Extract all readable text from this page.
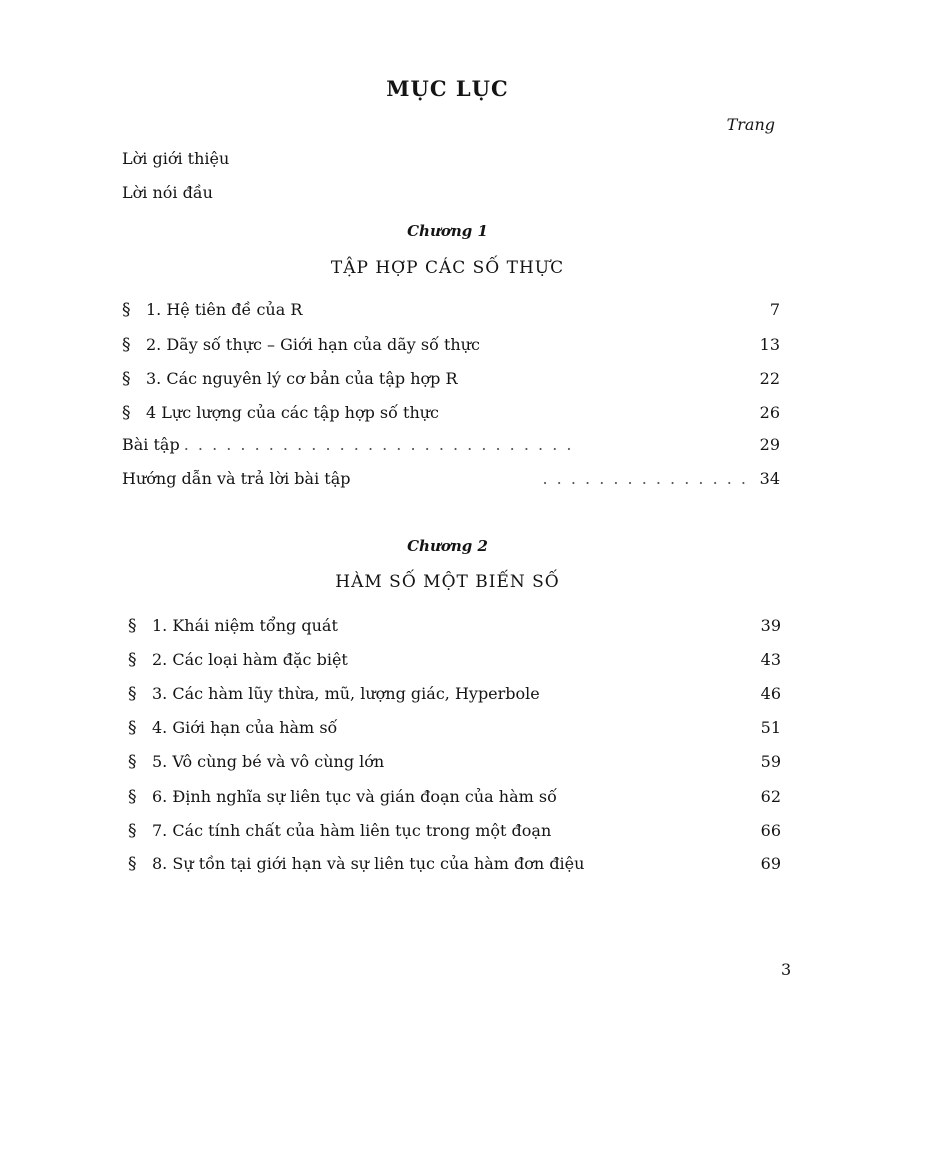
MỤC LỤC
Trang
Lời giới thiệu
Lời nói đầu
Chương 1
TẬP HỢP CÁC SỐ THỰC
§ 1. Hệ tiên đề của R	7
§ 2. Dãy số thực – Giới hạn của dãy số thực	13
§ 3. Các nguyên lý cơ bản của tập hợp R	22
§ 4 Lực lượng của các tập hợp số thực	26
Bài tập . . . . . . . . . . . . . . . . . . . . . . . . . . . .	29
Hướng dẫn và trả lời bài tập	. . . . . . . . . . . . . . . 34
Chương 2
HÀM SỐ MỘT BIẾN SỐ
§ 1. Khái niệm tổng quát	39
§ 2. Các loại hàm đặc biệt	43
§ 3. Các hàm lũy thừa, mũ, lượng giác, Hyperbole	46
§ 4. Giới hạn của hàm số	51
§ 5. Vô cùng bé và vô cùng lớn	59
§ 6. Định nghĩa sự liên tục và gián đoạn của hàm số	62
§ 7. Các tính chất của hàm liên tục trong một đoạn	66
§ 8. Sự tồn tại giới hạn và sự liên tục của hàm đơn điệu	69
3
